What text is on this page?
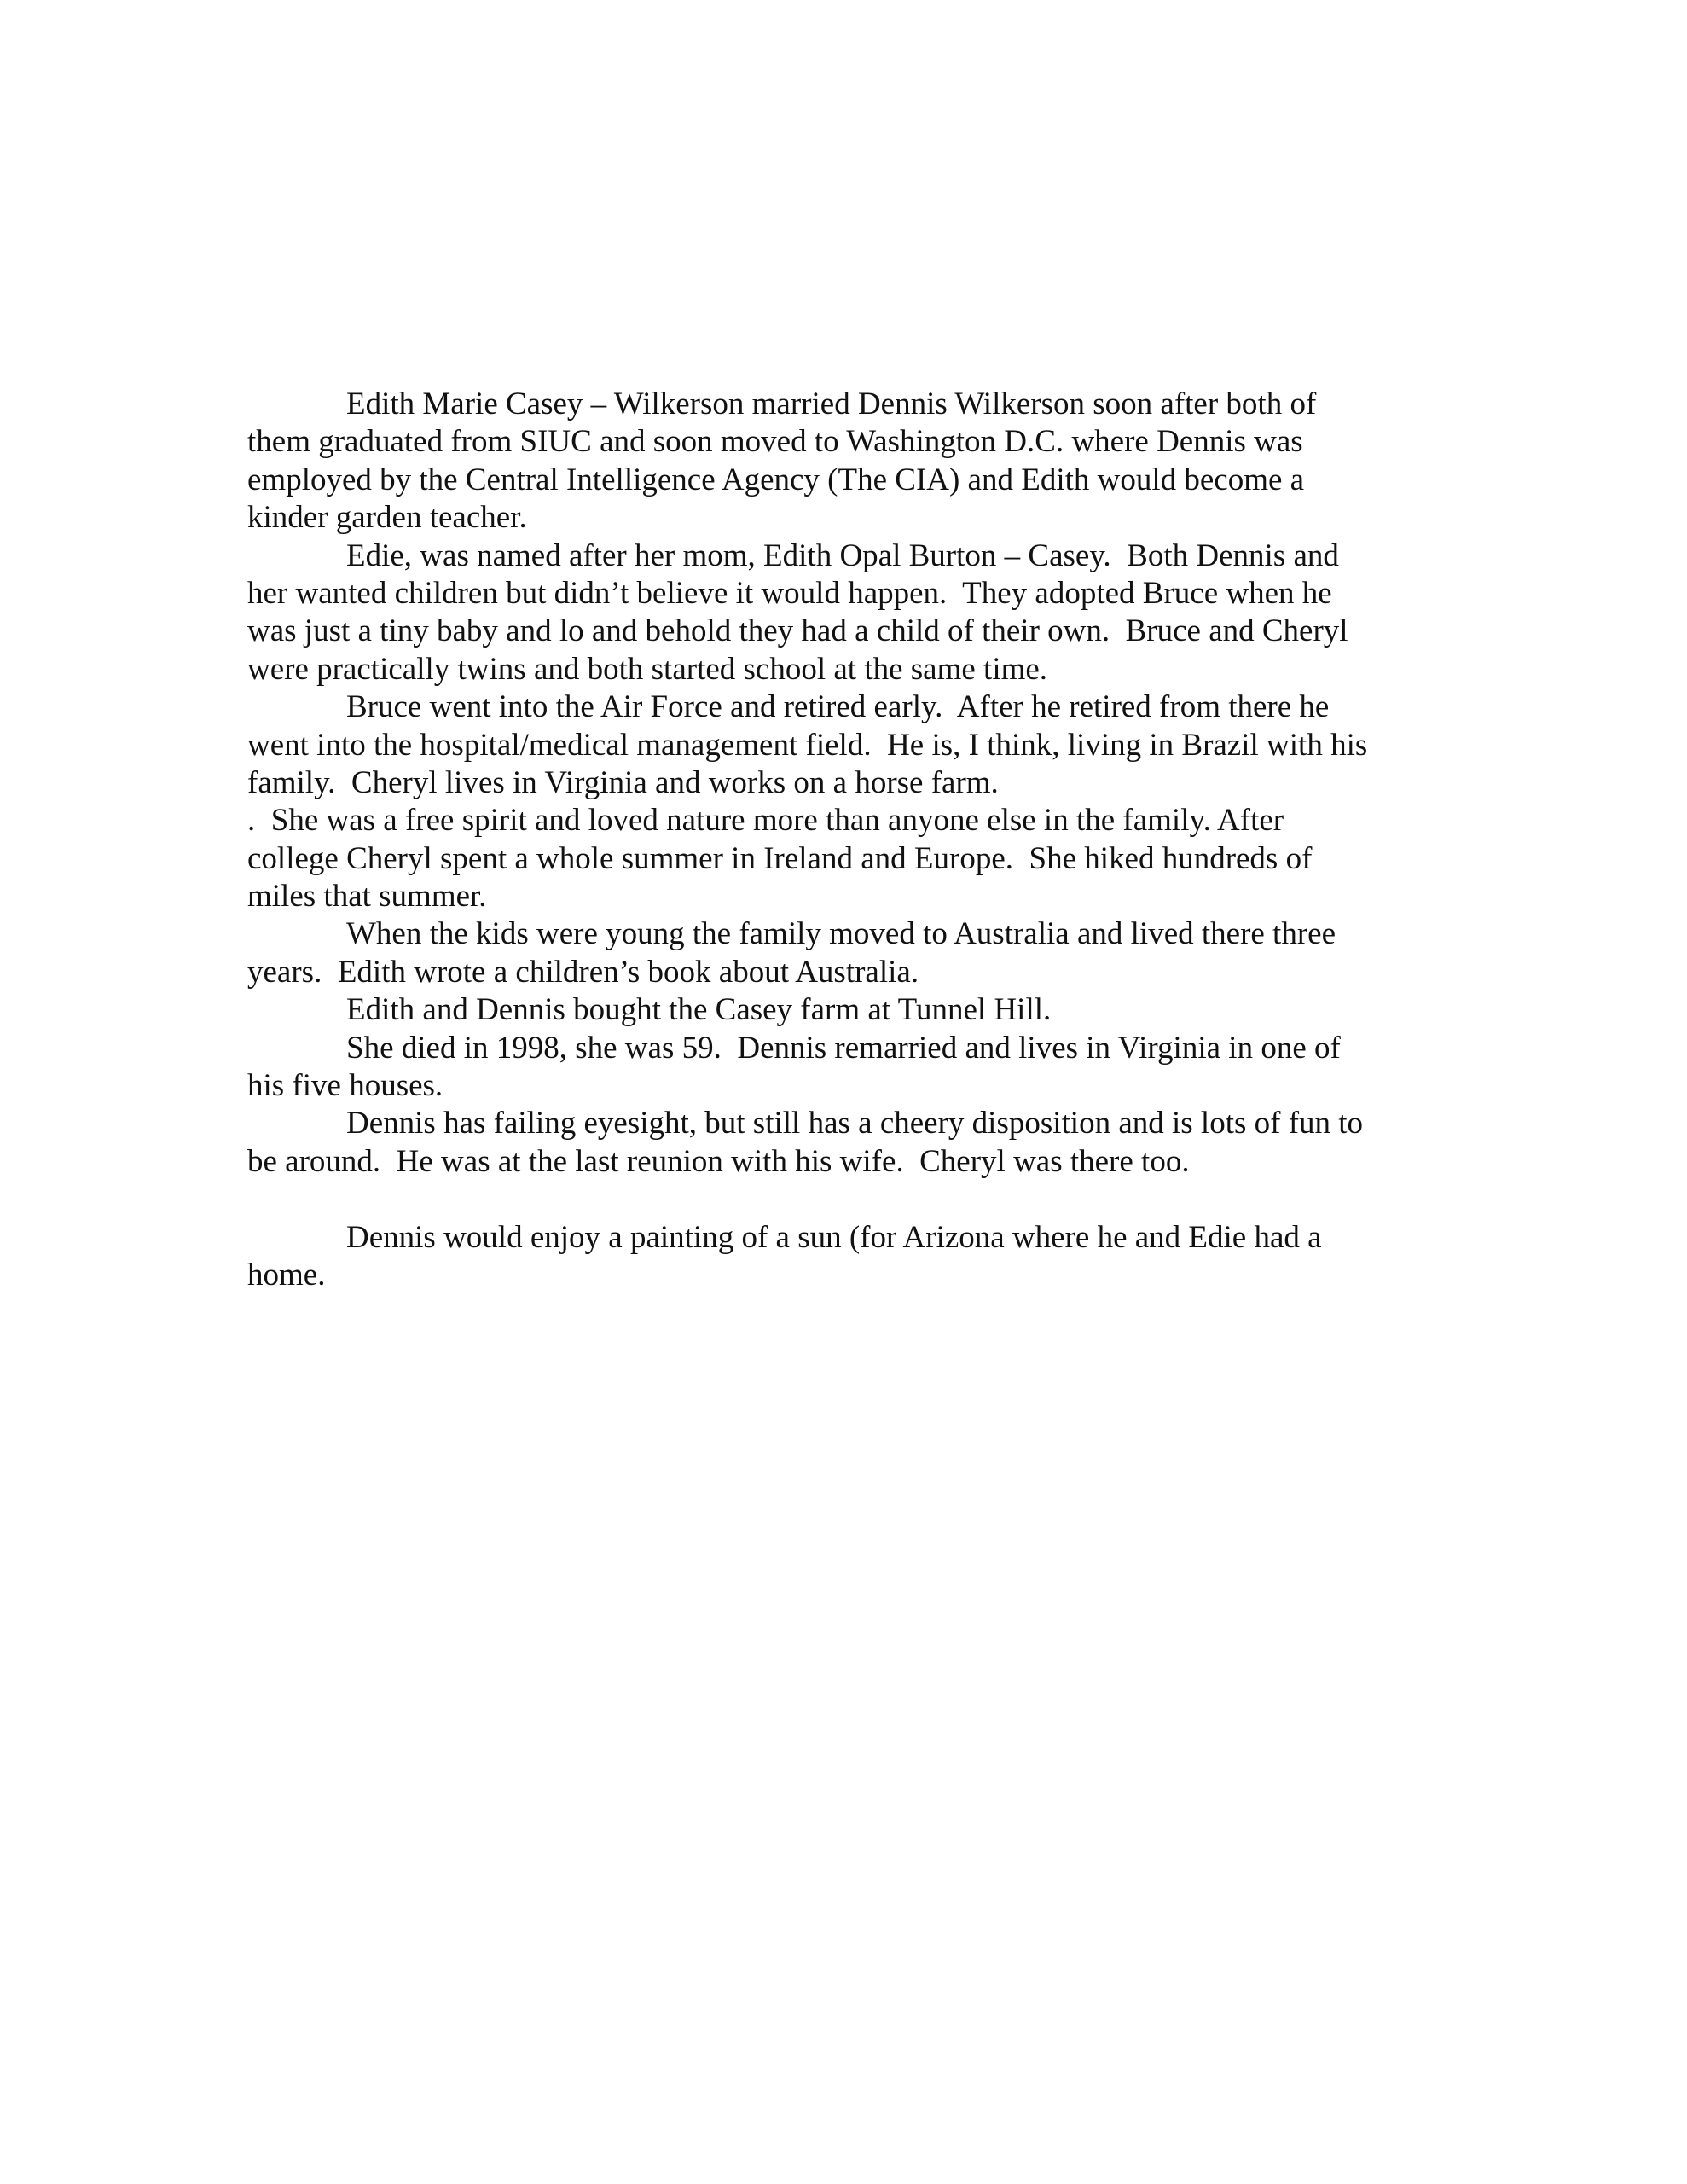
Edith Marie Casey – Wilkerson married Dennis Wilkerson soon after both of
them graduated from SIUC and soon moved to Washington D.C. where Dennis was
employed by the Central Intelligence Agency (The CIA) and Edith would become a
kinder garden teacher.
Edie, was named after her mom, Edith Opal Burton – Casey.  Both Dennis and
her wanted children but didn’t believe it would happen.  They adopted Bruce when he
was just a tiny baby and lo and behold they had a child of their own.  Bruce and Cheryl
were practically twins and both started school at the same time.
Bruce went into the Air Force and retired early.  After he retired from there he
went into the hospital/medical management field.  He is, I think, living in Brazil with his
family.  Cheryl lives in Virginia and works on a horse farm.
.  She was a free spirit and loved nature more than anyone else in the family. After
college Cheryl spent a whole summer in Ireland and Europe.  She hiked hundreds of
miles that summer.
When the kids were young the family moved to Australia and lived there three
years.  Edith wrote a children’s book about Australia.
Edith and Dennis bought the Casey farm at Tunnel Hill.
She died in 1998, she was 59.  Dennis remarried and lives in Virginia in one of
his five houses.
Dennis has failing eyesight, but still has a cheery disposition and is lots of fun to
be around.  He was at the last reunion with his wife.  Cheryl was there too.
Dennis would enjoy a painting of a sun (for Arizona where he and Edie had a
home.
